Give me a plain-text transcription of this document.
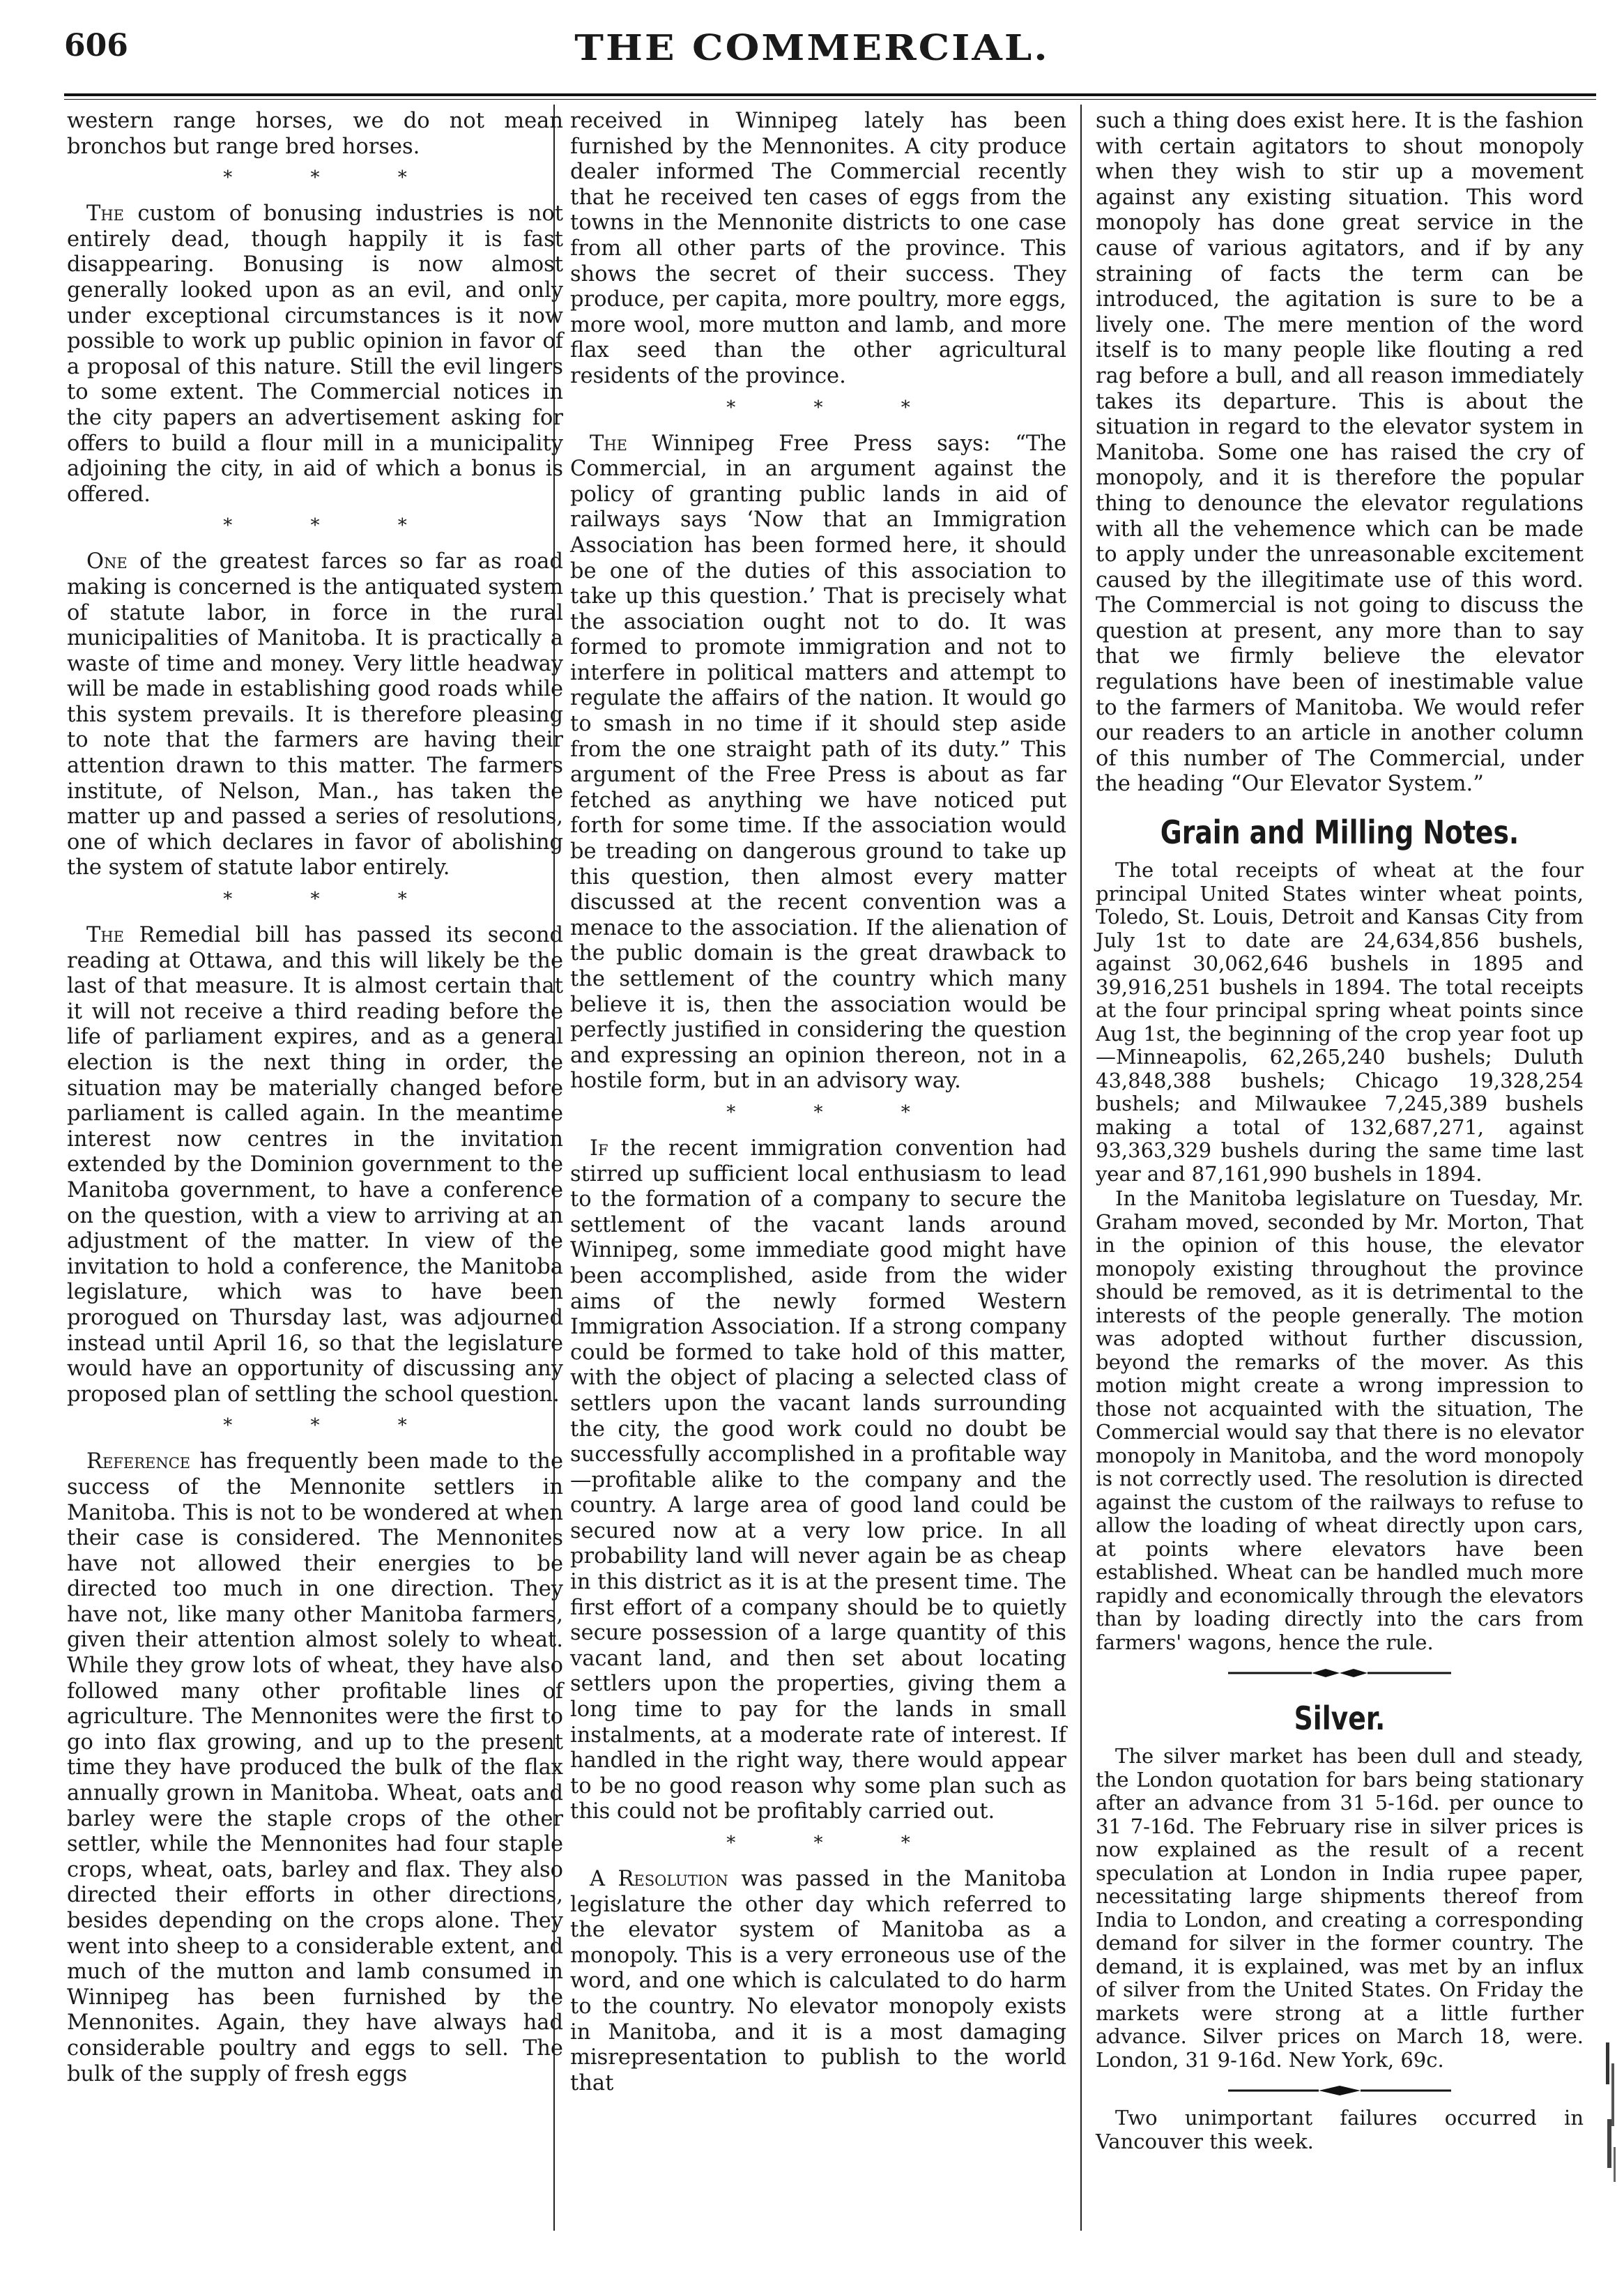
606	THE COMMERCIAL.

western range horses, we do not mean bronchos but range bred horses.

* * *

The custom of bonusing industries is not entirely dead, though happily it is fast disappearing. Bonusing is now almost generally looked upon as an evil, and only under exceptional circumstances is it now possible to work up public opinion in favor of a proposal of this nature. Still the evil lingers to some extent. The Commercial notices in the city papers an advertisement asking for offers to build a flour mill in a municipality adjoining the city, in aid of which a bonus is offered.

* * *

One of the greatest farces so far as road making is concerned is the antiquated system of statute labor, in force in the rural municipalities of Manitoba. It is practically a waste of time and money. Very little headway will be made in establishing good roads while this system prevails. It is therefore pleasing to note that the farmers are having their attention drawn to this matter. The farmers institute, of Nelson, Man., has taken the matter up and passed a series of resolutions, one of which declares in favor of abolishing the system of statute labor entirely.

* * *

The Remedial bill has passed its second reading at Ottawa, and this will likely be the last of that measure. It is almost certain that it will not receive a third reading before the life of parliament expires, and as a general election is the next thing in order, the situation may be materially changed before parliament is called again. In the meantime interest now centres in the invitation extended by the Dominion government to the Manitoba government, to have a conference on the question, with a view to arriving at an adjustment of the matter. In view of the invitation to hold a conference, the Manitoba legislature, which was to have been prorogued on Thursday last, was adjourned instead until April 16, so that the legislature would have an opportunity of discussing any proposed plan of settling the school question.

* * *

Reference has frequently been made to the success of the Mennonite settlers in Manitoba. This is not to be wondered at when their case is considered. The Mennonites have not allowed their energies to be directed too much in one direction. They have not, like many other Manitoba farmers, given their attention almost solely to wheat. While they grow lots of wheat, they have also followed many other profitable lines of agriculture. The Mennonites were the first to go into flax growing, and up to the present time they have produced the bulk of the flax annually grown in Manitoba. Wheat, oats and barley were the staple crops of the other settler, while the Mennonites had four staple crops, wheat, oats, barley and flax. They also directed their efforts in other directions, besides depending on the crops alone. They went into sheep to a considerable extent, and much of the mutton and lamb consumed in Winnipeg has been furnished by the Mennonites. Again, they have always had considerable poultry and eggs to sell. The bulk of the supply of fresh eggs

received in Winnipeg lately has been furnished by the Mennonites. A city produce dealer informed The Commercial recently that he received ten cases of eggs from the towns in the Mennonite districts to one case from all other parts of the province. This shows the secret of their success. They produce, per capita, more poultry, more eggs, more wool, more mutton and lamb, and more flax seed than the other agricultural residents of the province.

* * *

The Winnipeg Free Press says: “The Commercial, in an argument against the policy of granting public lands in aid of railways says ‘Now that an Immigration Association has been formed here, it should be one of the duties of this association to take up this question.’ That is precisely what the association ought not to do. It was formed to promote immigration and not to interfere in political matters and attempt to regulate the affairs of the nation. It would go to smash in no time if it should step aside from the one straight path of its duty.” This argument of the Free Press is about as far fetched as anything we have noticed put forth for some time. If the association would be treading on dangerous ground to take up this question, then almost every matter discussed at the recent convention was a menace to the association. If the alienation of the public domain is the great drawback to the settlement of the country which many believe it is, then the association would be perfectly justified in considering the question and expressing an opinion thereon, not in a hostile form, but in an advisory way.

* * *

If the recent immigration convention had stirred up sufficient local enthusiasm to lead to the formation of a company to secure the settlement of the vacant lands around Winnipeg, some immediate good might have been accomplished, aside from the wider aims of the newly formed Western Immigration Association. If a strong company could be formed to take hold of this matter, with the object of placing a selected class of settlers upon the vacant lands surrounding the city, the good work could no doubt be successfully accomplished in a profitable way—profitable alike to the company and the country. A large area of good land could be secured now at a very low price. In all probability land will never again be as cheap in this district as it is at the present time. The first effort of a company should be to quietly secure possession of a large quantity of this vacant land, and then set about locating settlers upon the properties, giving them a long time to pay for the lands in small instalments, at a moderate rate of interest. If handled in the right way, there would appear to be no good reason why some plan such as this could not be profitably carried out.

* * *

A Resolution was passed in the Manitoba legislature the other day which referred to the elevator system of Manitoba as a monopoly. This is a very erroneous use of the word, and one which is calculated to do harm to the country. No elevator monopoly exists in Manitoba, and it is a most damaging misrepresentation to publish to the world that

such a thing does exist here. It is the fashion with certain agitators to shout monopoly when they wish to stir up a movement against any existing situation. This word monopoly has done great service in the cause of various agitators, and if by any straining of facts the term can be introduced, the agitation is sure to be a lively one. The mere mention of the word itself is to many people like flouting a red rag before a bull, and all reason immediately takes its departure. This is about the situation in regard to the elevator system in Manitoba. Some one has raised the cry of monopoly, and it is therefore the popular thing to denounce the elevator regulations with all the vehemence which can be made to apply under the unreasonable excitement caused by the illegitimate use of this word. The Commercial is not going to discuss the question at present, any more than to say that we firmly believe the elevator regulations have been of inestimable value to the farmers of Manitoba. We would refer our readers to an article in another column of this number of The Commercial, under the heading “Our Elevator System.”

Grain and Milling Notes.

The total receipts of wheat at the four principal United States winter wheat points, Toledo, St. Louis, Detroit and Kansas City from July 1st to date are 24,634,856 bushels, against 30,062,646 bushels in 1895 and 39,916,251 bushels in 1894. The total receipts at the four principal spring wheat points since Aug 1st, the beginning of the crop year foot up—Minneapolis, 62,265,240 bushels; Duluth 43,848,388 bushels; Chicago 19,328,254 bushels; and Milwaukee 7,245,389 bushels making a total of 132,687,271, against 93,363,329 bushels during the same time last year and 87,161,990 bushels in 1894.

In the Manitoba legislature on Tuesday, Mr. Graham moved, seconded by Mr. Morton, That in the opinion of this house, the elevator monopoly existing throughout the province should be removed, as it is detrimental to the interests of the people generally. The motion was adopted without further discussion, beyond the remarks of the mover. As this motion might create a wrong impression to those not acquainted with the situation, The Commercial would say that there is no elevator monopoly in Manitoba, and the word monopoly is not correctly used. The resolution is directed against the custom of the railways to refuse to allow the loading of wheat directly upon cars, at points where elevators have been established. Wheat can be handled much more rapidly and economically through the elevators than by loading directly into the cars from farmers' wagons, hence the rule.

Silver.

The silver market has been dull and steady, the London quotation for bars being stationary after an advance from 31 5-16d. per ounce to 31 7-16d. The February rise in silver prices is now explained as the result of a recent speculation at London in India rupee paper, necessitating large shipments thereof from India to London, and creating a corresponding demand for silver in the former country. The demand, it is explained, was met by an influx of silver from the United States. On Friday the markets were strong at a little further advance. Silver prices on March 18, were. London, 31 9-16d. New York, 69c.

Two unimportant failures occurred in Vancouver this week.
